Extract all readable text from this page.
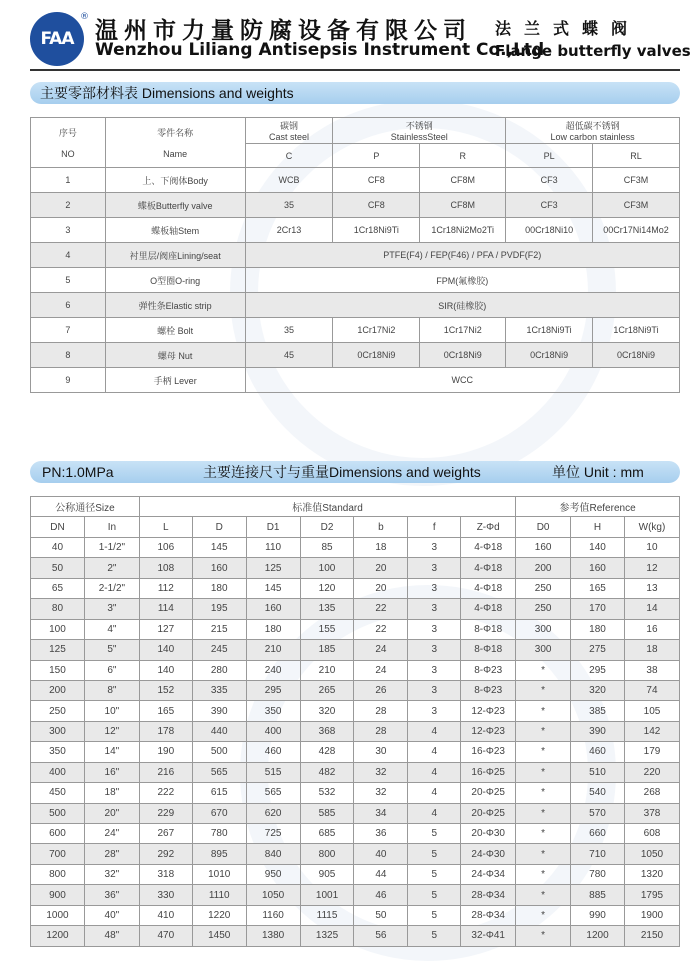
FAA
®
温州市力量防腐设备有限公司
Wenzhou Liliang Antisepsis Instrument Co.,Ltd
法兰式蝶阀
Flange butterfly valves
主要零部材料表 Dimensions and weights
序号

NO	零件名称

Name	碳钢
Cast steel	不锈钢
StainlessSteel		超低碳不锈钢
Low carbon stainless	
		C	P	R	PL	RL
1	上、下阀体Body	WCB	CF8	CF8M	CF3	CF3M
2	蝶板Butterfly valve	35	CF8	CF8M	CF3	CF3M
3	蝶板轴Stem	2Cr13	1Cr18Ni9Ti	1Cr18Ni2Mo2Ti	00Cr18Ni10	00Cr17Ni14Mo2
4	衬里层/阀座Lining/seat	PTFE(F4) / FEP(F46) / PFA / PVDF(F2)				
5	O型圈O-ring	FPM(氟橡胶)				
6	弹性条Elastic strip	SIR(硅橡胶)				
7	螺栓 Bolt	35	1Cr17Ni2	1Cr17Ni2	1Cr18Ni9Ti	1Cr18Ni9Ti
8	螺母 Nut	45	0Cr18Ni9	0Cr18Ni9	0Cr18Ni9	0Cr18Ni9
9	手柄 Lever	WCC				
PN:1.0MPa	主要连接尺寸与重量Dimensions and weights	单位 Unit : mm
公称通径Size		标准值Standard							参考值Reference		
DN	In	L	D	D1	D2	b	f	Z-Φd	D0	H	W(kg)
40	1-1/2"	106	145	110	85	18	3	4-Φ18	160	140	10
50	2"	108	160	125	100	20	3	4-Φ18	200	160	12
65	2-1/2"	112	180	145	120	20	3	4-Φ18	250	165	13
80	3"	114	195	160	135	22	3	4-Φ18	250	170	14
100	4"	127	215	180	155	22	3	8-Φ18	300	180	16
125	5"	140	245	210	185	24	3	8-Φ18	300	275	18
150	6"	140	280	240	210	24	3	8-Φ23	*	295	38
200	8"	152	335	295	265	26	3	8-Φ23	*	320	74
250	10"	165	390	350	320	28	3	12-Φ23	*	385	105
300	12"	178	440	400	368	28	4	12-Φ23	*	390	142
350	14"	190	500	460	428	30	4	16-Φ23	*	460	179
400	16"	216	565	515	482	32	4	16-Φ25	*	510	220
450	18"	222	615	565	532	32	4	20-Φ25	*	540	268
500	20"	229	670	620	585	34	4	20-Φ25	*	570	378
600	24"	267	780	725	685	36	5	20-Φ30	*	660	608
700	28"	292	895	840	800	40	5	24-Φ30	*	710	1050
800	32"	318	1010	950	905	44	5	24-Φ34	*	780	1320
900	36"	330	1110	1050	1001	46	5	28-Φ34	*	885	1795
1000	40"	410	1220	1160	1115	50	5	28-Φ34	*	990	1900
1200	48"	470	1450	1380	1325	56	5	32-Φ41	*	1200	2150
